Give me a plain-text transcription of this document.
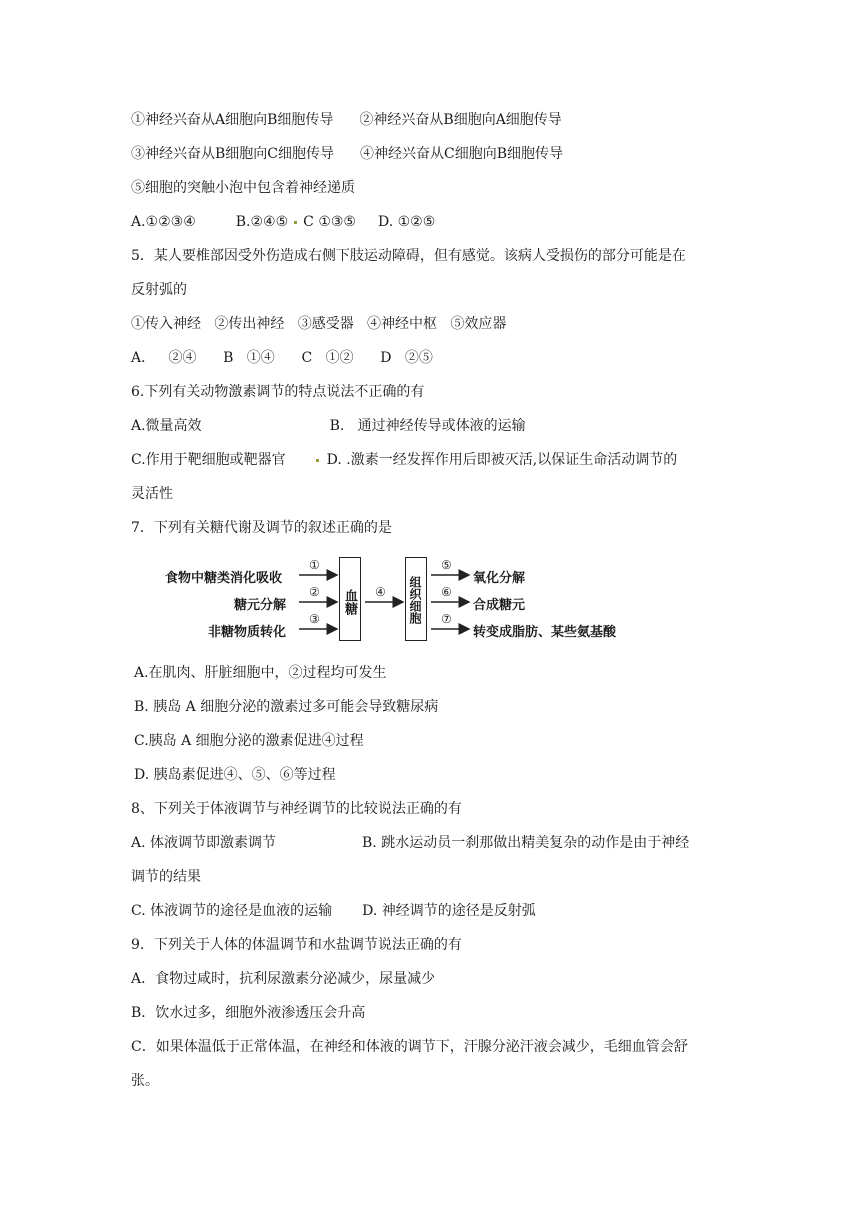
①神经兴奋从A细胞向B细胞传导 ②神经兴奋从B细胞向A细胞传导
③神经兴奋从B细胞向C细胞传导 ④神经兴奋从C细胞向B细胞传导
⑤细胞的突触小泡中包含着神经递质
A.①②③④	B.②④⑤ C ①③⑤ D. ①②⑤
5．某人要椎部因受外伤造成右侧下肢运动障碍，但有感觉。该病人受损伤的部分可能是在
反射弧的
①传入神经   ②传出神经   ③感受器   ④神经中枢   ⑤效应器
A．   ②④      B   ①④      C   ①②      D   ②⑤
6.下列有关动物激素调节的特点说法不正确的有
A.微量高效	B.   通过神经传导或体液的运输
C.作用于靶细胞或靶器官	D. .激素一经发挥作用后即被灭活,以保证生命活动调节的
灵活性
7．下列有关糖代谢及调节的叙述正确的是
食物中糖类消化吸收
糖元分解
非糖物质转化
①
②
③
血糖	④ 组织细胞
⑤
⑥
⑦
氧化分解
合成糖元
转变成脂肪、某些氨基酸
A.在肌肉、肝脏细胞中，②过程均可发生
B. 胰岛 A 细胞分泌的激素过多可能会导致糖尿病
C.胰岛 A 细胞分泌的激素促进④过程
D. 胰岛素促进④、⑤、⑥等过程
8、下列关于体液调节与神经调节的比较说法正确的有
A. 体液调节即激素调节	B. 跳水运动员一刹那做出精美复杂的动作是由于神经
调节的结果
C. 体液调节的途径是血液的运输 D. 神经调节的途径是反射弧
9．下列关于人体的体温调节和水盐调节说法正确的有
A．食物过咸时，抗利尿激素分泌减少，尿量减少
B．饮水过多，细胞外液渗透压会升高
C．如果体温低于正常体温，在神经和体液的调节下，汗腺分泌汗液会减少，毛细血管会舒
张。
